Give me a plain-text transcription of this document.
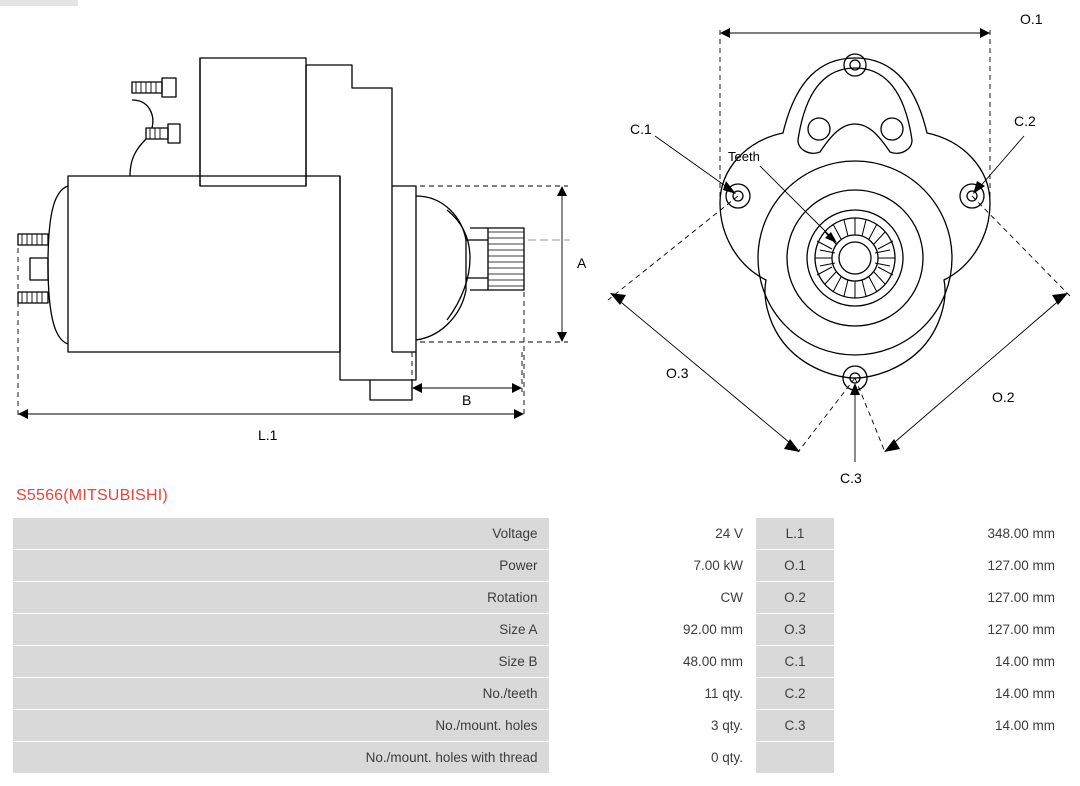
A
B
L.1
O.1
O.2
O.3
C.1	C.2
C.3
Teeth
S5566(MITSUBISHI)
Voltage	24 V	L.1	348.00 mm
Power	7.00 kW	O.1	127.00 mm
Rotation	CW	O.2	127.00 mm
Size A	92.00 mm	O.3	127.00 mm
Size B	48.00 mm	C.1	14.00 mm
No./teeth	11 qty.	C.2	14.00 mm
No./mount. holes	3 qty.	C.3	14.00 mm
No./mount. holes with thread	0 qty.		
